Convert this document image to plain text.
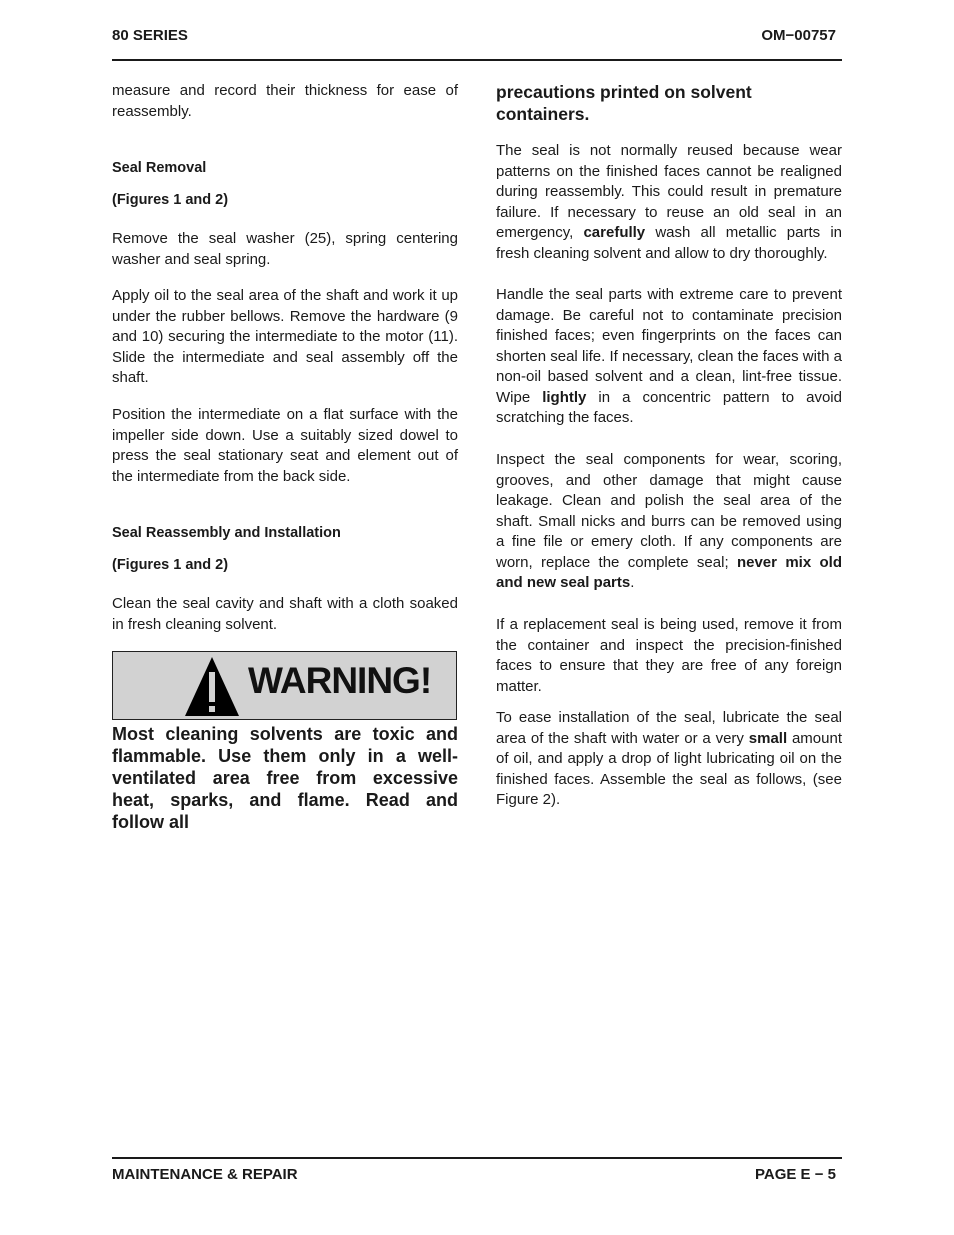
80 SERIES	OM−00757

measure and record their thickness for ease of reassembly.

Seal Removal

(Figures 1 and 2)

Remove the seal washer (25), spring centering washer and seal spring.

Apply oil to the seal area of the shaft and work it up under the rubber bellows. Remove the hardware (9 and 10) securing the intermediate to the motor (11). Slide the intermediate and seal assembly off the shaft.

Position the intermediate on a flat surface with the impeller side down. Use a suitably sized dowel to press the seal stationary seat and element out of the intermediate from the back side.

Seal Reassembly and Installation

(Figures 1 and 2)

Clean the seal cavity and shaft with a cloth soaked in fresh cleaning solvent.

Most cleaning solvents are toxic and flammable. Use them only in a well-ventilated area free from excessive heat, sparks, and flame. Read and follow all

WARNING!

precautions printed on solvent containers.

The seal is not normally reused because wear patterns on the finished faces cannot be realigned during reassembly. This could result in premature failure. If necessary to reuse an old seal in an emergency, carefully wash all metallic parts in fresh cleaning solvent and allow to dry thoroughly.

Handle the seal parts with extreme care to prevent damage. Be careful not to contaminate precision finished faces; even fingerprints on the faces can shorten seal life. If necessary, clean the faces with a non-oil based solvent and a clean, lint-free tissue. Wipe lightly in a concentric pattern to avoid scratching the faces.

Inspect the seal components for wear, scoring, grooves, and other damage that might cause leakage. Clean and polish the seal area of the shaft. Small nicks and burrs can be removed using a fine file or emery cloth. If any components are worn, replace the complete seal; never mix old and new seal parts.

If a replacement seal is being used, remove it from the container and inspect the precision-finished faces to ensure that they are free of any foreign matter.

To ease installation of the seal, lubricate the seal area of the shaft with water or a very small amount of oil, and apply a drop of light lubricating oil on the finished faces. Assemble the seal as follows, (see Figure 2).

MAINTENANCE & REPAIR	PAGE E − 5
